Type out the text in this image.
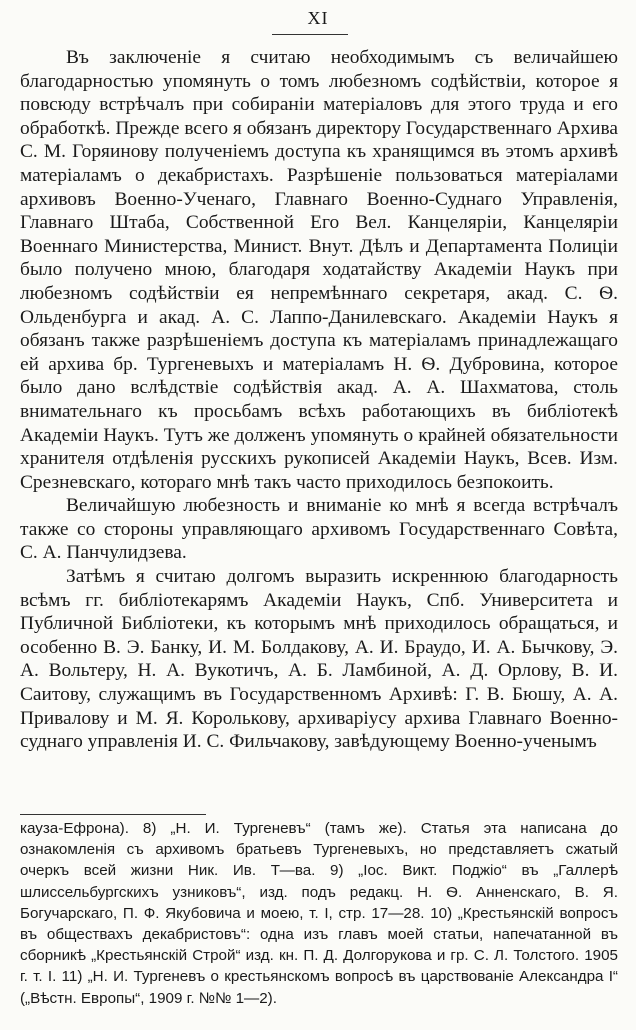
XI

Въ заключеніе я считаю необходимымъ съ величайшею благодарностью упомянуть о томъ любезномъ содѣйствіи, которое я повсюду встрѣчалъ при собираніи матеріаловъ для этого труда и его обработкѣ. Прежде всего я обязанъ директору Государственнаго Архива С. М. Горяинову полученіемъ доступа къ хранящимся въ этомъ архивѣ матеріаламъ о декабристахъ. Разрѣшеніе пользоваться матеріалами архивовъ Военно-Ученаго, Главнаго Военно-Суднаго Управленія, Главнаго Штаба, Собственной Его Вел. Канцеляріи, Канцеляріи Военнаго Министерства, Минист. Внут. Дѣлъ и Департамента Полиціи было получено мною, благодаря ходатайству Академіи Наукъ при любезномъ содѣйствіи ея непремѣннаго секретаря, акад. С. Ѳ. Ольденбурга и акад. А. С. Лаппо-Данилевскаго. Академіи Наукъ я обязанъ также разрѣшеніемъ доступа къ матеріаламъ принадлежащаго ей архива бр. Тургеневыхъ и матеріаламъ Н. Ѳ. Дубровина, которое было дано вслѣдствіе содѣйствія акад. А. А. Шахматова, столь внимательнаго къ просьбамъ всѣхъ работающихъ въ библіотекѣ Академіи Наукъ. Тутъ же долженъ упомянуть о крайней обязательности хранителя отдѣленія русскихъ рукописей Академіи Наукъ, Всев. Изм. Срезневскаго, котораго мнѣ такъ часто приходилось безпокоить.

Величайшую любезность и вниманіе ко мнѣ я всегда встрѣчалъ также со стороны управляющаго архивомъ Государственнаго Совѣта, С. А. Панчулидзева.

Затѣмъ я считаю долгомъ выразить искреннюю благодарность всѣмъ гг. библіотекарямъ Академіи Наукъ, Спб. Университета и Публичной Библіотеки, къ которымъ мнѣ приходилось обращаться, и особенно В. Э. Банку, И. М. Болдакову, А. И. Браудо, И. А. Бычкову, Э. А. Вольтеру, Н. А. Вукотичъ, А. Б. Ламбиной, А. Д. Орлову, В. И. Саитову, служащимъ въ Государственномъ Архивѣ: Г. В. Бюшу, А. А. Привалову и М. Я. Королькову, архиваріусу архива Главнаго Военно-суднаго управленія И. С. Фильчакову, завѣдующему Военно-ученымъ

кауза-Ефрона). 8) „Н. И. Тургеневъ“ (тамъ же). Статья эта написана до ознакомленія съ архивомъ братьевъ Тургеневыхъ, но представляетъ сжатый очеркъ всей жизни Ник. Ив. Т—ва. 9) „Іос. Викт. Поджіо“ въ „Галлерѣ шлиссельбургскихъ узниковъ“, изд. подъ редакц. Н. Ѳ. Анненскаго, В. Я. Богучарскаго, П. Ф. Якубовича и моею, т. I, стр. 17—28. 10) „Крестьянскій вопросъ въ обществахъ декабристовъ“: одна изъ главъ моей статьи, напечатанной въ сборникѣ „Крестьянскій Строй“ изд. кн. П. Д. Долгорукова и гр. С. Л. Толстого. 1905 г. т. I. 11) „Н. И. Тургеневъ о крестьянскомъ вопросѣ въ царствованіе Александра I“ („Вѣстн. Европы“, 1909 г. №№ 1—2).
